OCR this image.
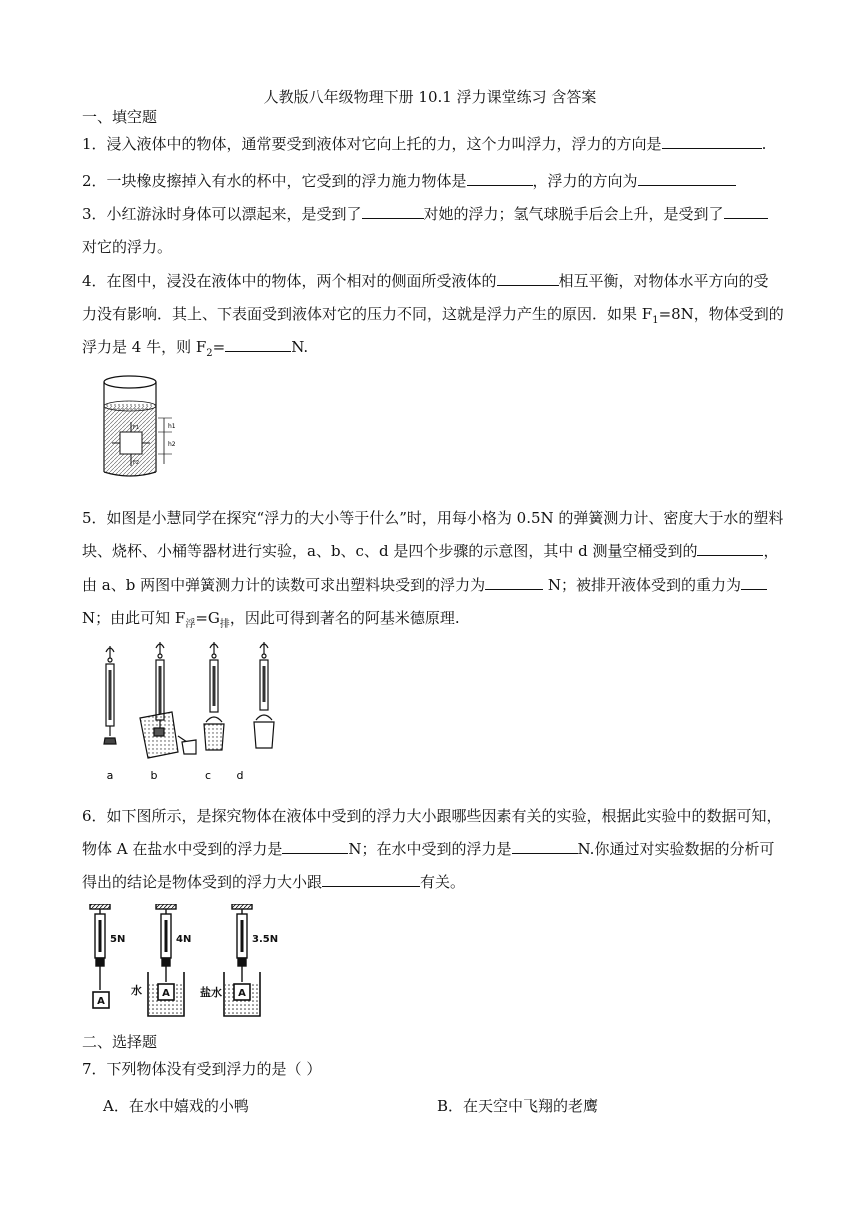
人教版八年级物理下册 10.1 浮力课堂练习 含答案
一、填空题
1．浸入液体中的物体，通常要受到液体对它向上托的力，这个力叫浮力，浮力的方向是	.
2．一块橡皮擦掉入有水的杯中，它受到的浮力施力物体是	，浮力的方向为
3．小红游泳时身体可以漂起来，是受到了	对她的浮力；氢气球脱手后会上升，是受到了
对它的浮力。
4．在图中，浸没在液体中的物体，两个相对的侧面所受液体的	相互平衡，对物体水平方向的受
力没有影响．其上、下表面受到液体对它的压力不同，这就是浮力产生的原因．如果 $F_1=8N$，物体受到的
浮力是 4 牛，则 $F_2=$	N.
h1
h2
F1
F2
5．如图是小慧同学在探究“浮力的大小等于什么”时，用每小格为 0.5N 的弹簧测力计、密度大于水的塑料
块、烧杯、小桶等器材进行实验，a、b、c、d 是四个步骤的示意图，其中 d 测量空桶受到的	，
由 a、b 两图中弹簧测力计的读数可求出塑料块受到的浮力为	N；被排开液体受到的重力为
N；由此可知 $F_浮=G_排$，因此可得到著名的阿基米德原理.
a	b	c d
6．如下图所示，是探究物体在液体中受到的浮力大小跟哪些因素有关的实验，根据此实验中的数据可知，
物体 A 在盐水中受到的浮力是	N；在水中受到的浮力是	N.你通过对实验数据的分析可
得出的结论是物体受到的浮力大小跟	有关。
5N	4N	3.5N
A
A	A
水	盐水
二、选择题
7．下列物体没有受到浮力的是（ ）
A．在水中嬉戏的小鸭	B．在天空中飞翔的老鹰
